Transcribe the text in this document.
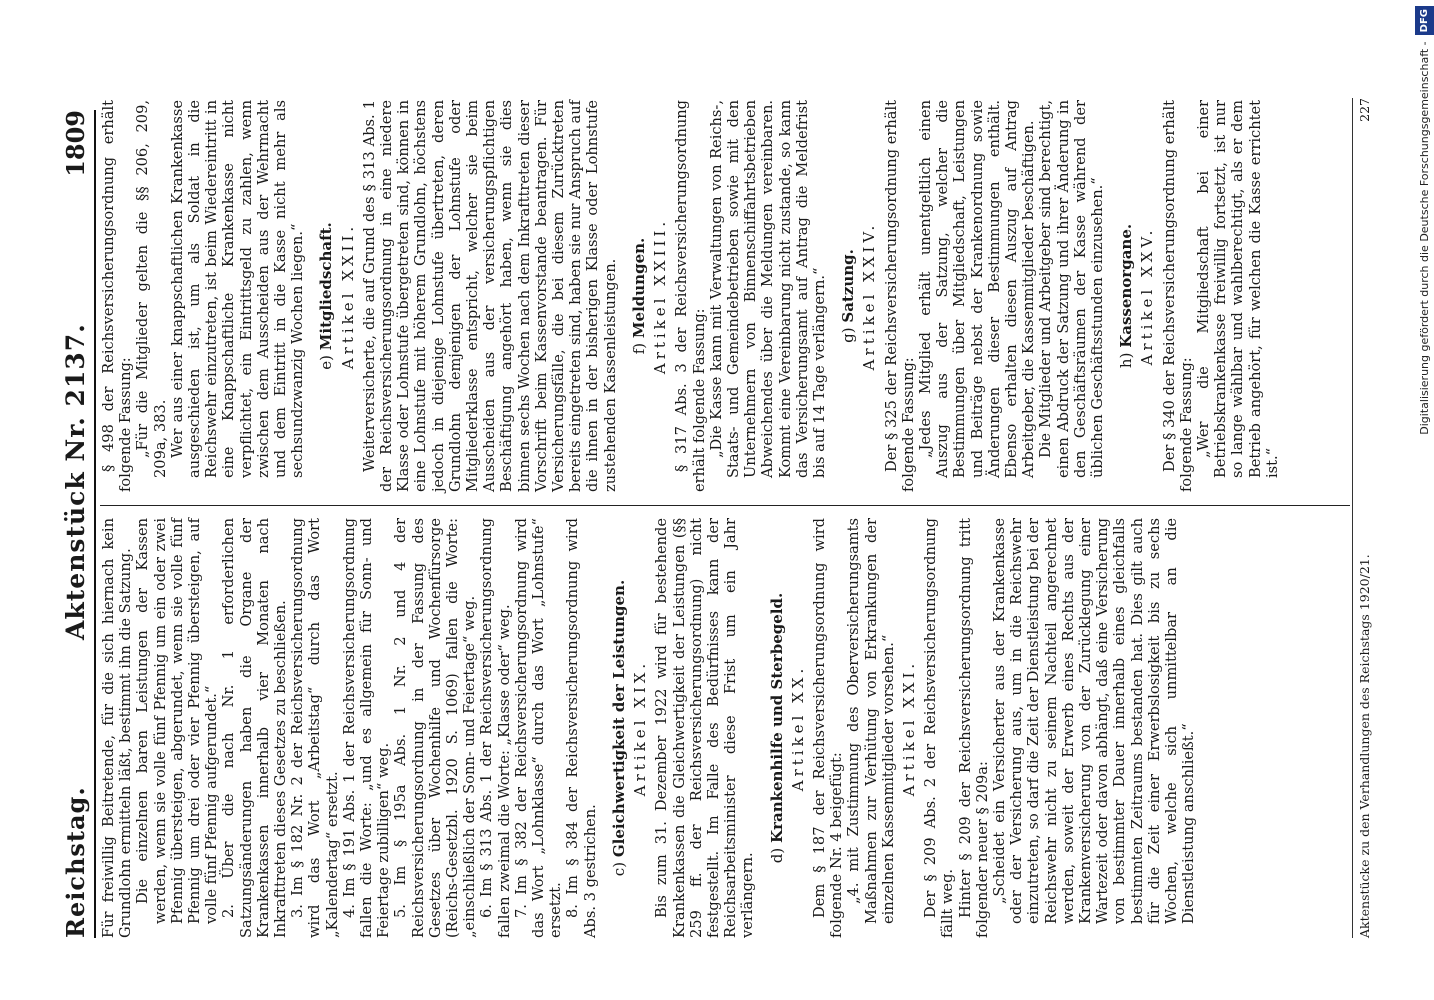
Reichstag.
Aktenstück Nr. 2137.
1809

Für freiwillig Beitretende, für die sich hiernach kein Grundlohn ermitteln läßt, bestimmt ihn die Satzung. Die einzelnen baren Leistungen der Kassen werden, wenn sie volle fünf Pfennig um ein oder zwei Pfennig übersteigen, abgerundet, wenn sie volle fünf Pfennig um drei oder vier Pfennig übersteigen, auf volle fünf Pfennig aufgerundet.“ 2. Über die nach Nr. 1 erforderlichen Satzungsänderungen haben die Organe der Krankenkassen innerhalb vier Monaten nach Inkrafttreten dieses Gesetzes zu beschließen. 3. Im § 182 Nr. 2 der Reichsversicherungsordnung wird das Wort „Arbeitstag“ durch das Wort „Kalendertag“ ersetzt. 4. Im § 191 Abs. 1 der Reichsversicherungsordnung fallen die Worte: „und es allgemein für Sonn- und Feiertage zubilligen“ weg. 5. Im § 195a Abs. 1 Nr. 2 und 4 der Reichsversicherungsordnung in der Fassung des Gesetzes über Wochenhilfe und Wochenfürsorge (Reichs-Gesetzbl. 1920 S. 1069) fallen die Worte: „einschließlich der Sonn- und Feiertage“ weg. 6. Im § 313 Abs. 1 der Reichsversicherungsordnung fallen zweimal die Worte: „Klasse oder“ weg. 7. Im § 382 der Reichsversicherungsordnung wird das Wort „Lohnklasse“ durch das Wort „Lohnstufe“ ersetzt. 8. Im § 384 der Reichsversicherungsordnung wird Abs. 3 gestrichen. c) Gleichwertigkeit der Leistungen. Artikel XIX. Bis zum 31. Dezember 1922 wird für bestehende Krankenkassen die Gleichwertigkeit der Leistungen (§§ 259 ff. der Reichsversicherungsordnung) nicht festgestellt. Im Falle des Bedürfnisses kann der Reichsarbeitsminister diese Frist um ein Jahr verlängern. d) Krankenhilfe und Sterbegeld. Artikel XX. Dem § 187 der Reichsversicherungsordnung wird folgende Nr. 4 beigefügt: „4. mit Zustimmung des Oberversicherungsamts Maßnahmen zur Verhütung von Erkrankungen der einzelnen Kassenmitglieder vorsehen.“ Artikel XXI. Der § 209 Abs. 2 der Reichsversicherungsordnung fällt weg. Hinter § 209 der Reichsversicherungsordnung tritt folgender neuer § 209a: „Scheidet ein Versicherter aus der Krankenkasse oder der Versicherung aus, um in die Reichswehr einzutreten, so darf die Zeit der Dienstleistung bei der Reichswehr nicht zu seinem Nachteil angerechnet werden, soweit der Erwerb eines Rechts aus der Krankenversicherung von der Zurücklegung einer Wartezeit oder davon abhängt, daß eine Versicherung von bestimmter Dauer innerhalb eines gleichfalls bestimmten Zeitraums bestanden hat. Dies gilt auch für die Zeit einer Erwerbslosigkeit bis zu sechs Wochen, welche sich unmittelbar an die Dienstleistung anschließt.“

§ 498 der Reichsversicherungsordnung erhält folgende Fassung: „Für die Mitglieder gelten die §§ 206, 209, 209a, 383. Wer aus einer knappschaftlichen Krankenkasse ausgeschieden ist, um als Soldat in die Reichswehr einzutreten, ist beim Wiedereintritt in eine Knappschaftliche Krankenkasse nicht verpflichtet, ein Eintrittsgeld zu zahlen, wenn zwischen dem Ausscheiden aus der Wehrmacht und dem Eintritt in die Kasse nicht mehr als sechsundzwanzig Wochen liegen.“ e) Mitgliedschaft. Artikel XXII. Weiterversicherte, die auf Grund des § 313 Abs. 1 der Reichsversicherungsordnung in eine niedere Klasse oder Lohnstufe übergetreten sind, können in eine Lohnstufe mit höherem Grundlohn, höchstens jedoch in diejenige Lohnstufe übertreten, deren Grundlohn demjenigen der Lohnstufe oder Mitgliederklasse entspricht, welcher sie beim Ausscheiden aus der versicherungspflichtigen Beschäftigung angehört haben, wenn sie dies binnen sechs Wochen nach dem Inkrafttreten dieser Vorschrift beim Kassenvorstande beantragen. Für Versicherungsfälle, die bei diesem Zurücktreten bereits eingetreten sind, haben sie nur Anspruch auf die ihnen in der bisherigen Klasse oder Lohnstufe zustehenden Kassenleistungen. f) Meldungen. Artikel XXIII. § 317 Abs. 3 der Reichsversicherungsordnung erhält folgende Fassung: „Die Kasse kann mit Verwaltungen von Reichs-, Staats- und Gemeindebetrieben sowie mit den Unternehmern von Binnenschiffahrtsbetrieben Abweichendes über die Meldungen vereinbaren. Kommt eine Vereinbarung nicht zustande, so kann das Versicherungsamt auf Antrag die Meldefrist bis auf 14 Tage verlängern.“ g) Satzung. Artikel XXIV. Der § 325 der Reichsversicherungsordnung erhält folgende Fassung: „Jedes Mitglied erhält unentgeltlich einen Auszug aus der Satzung, welcher die Bestimmungen über Mitgliedschaft, Leistungen und Beiträge nebst der Krankenordnung sowie Änderungen dieser Bestimmungen enthält. Ebenso erhalten diesen Auszug auf Antrag Arbeitgeber, die Kassenmitglieder beschäftigen. Die Mitglieder und Arbeitgeber sind berechtigt, einen Abdruck der Satzung und ihrer Änderung in den Geschäftsräumen der Kasse während der üblichen Geschäftsstunden einzusehen.“ h) Kassenorgane. Artikel XXV. Der § 340 der Reichsversicherungsordnung erhält folgende Fassung: „Wer die Mitgliedschaft bei einer Betriebskrankenkasse freiwillig fortsetzt, ist nur so lange wählbar und wahlberechtigt, als er dem Betrieb angehört, für welchen die Kasse errichtet ist.“

Aktenstücke zu den Verhandlungen des Reichstags 1920/21.
227	Digitalisierung gefördert durch die Deutsche Forschungsgemeinschaft -
DFG
